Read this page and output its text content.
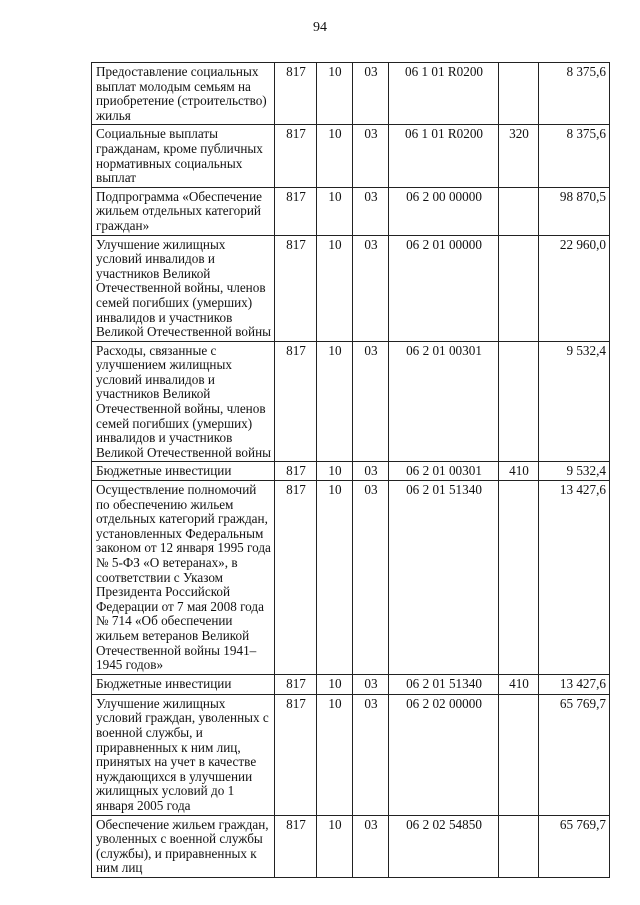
94
Предоставление социальных выплат молодым семьям на приобретение (строительство) жилья	817	10	03	06 1 01 R0200		8 375,6
Социальные выплаты гражданам, кроме публичных нормативных социальных выплат	817	10	03	06 1 01 R0200	320	8 375,6
Подпрограмма «Обеспечение жильем отдельных категорий граждан»	817	10	03	06 2 00 00000		98 870,5
Улучшение жилищных условий инвалидов и участников Великой Отечественной войны, членов семей погибших (умерших) инвалидов и участников Великой Отечественной войны	817	10	03	06 2 01 00000		22 960,0
Расходы, связанные с улучшением жилищных условий инвалидов и участников Великой Отечественной войны, членов семей погибших (умерших) инвалидов и участников Великой Отечественной войны	817	10	03	06 2 01 00301		9 532,4
Бюджетные инвестиции	817	10	03	06 2 01 00301	410	9 532,4
Осуществление полномочий по обеспечению жильем отдельных категорий граждан, установленных Федеральным законом от 12 января 1995 года № 5-ФЗ «О ветеранах», в соответствии с Указом Президента Российской Федерации от 7 мая 2008 года № 714 «Об обеспечении жильем ветеранов Великой Отечественной войны 1941–1945 годов»	817	10	03	06 2 01 51340		13 427,6
Бюджетные инвестиции	817	10	03	06 2 01 51340	410	13 427,6
Улучшение жилищных условий граждан, уволенных с военной службы, и приравненных к ним лиц, принятых на учет в качестве нуждающихся в улучшении жилищных условий до 1 января 2005 года	817	10	03	06 2 02 00000		65 769,7
Обеспечение жильем граждан, уволенных с военной службы (службы), и приравненных к ним лиц	817	10	03	06 2 02 54850		65 769,7
